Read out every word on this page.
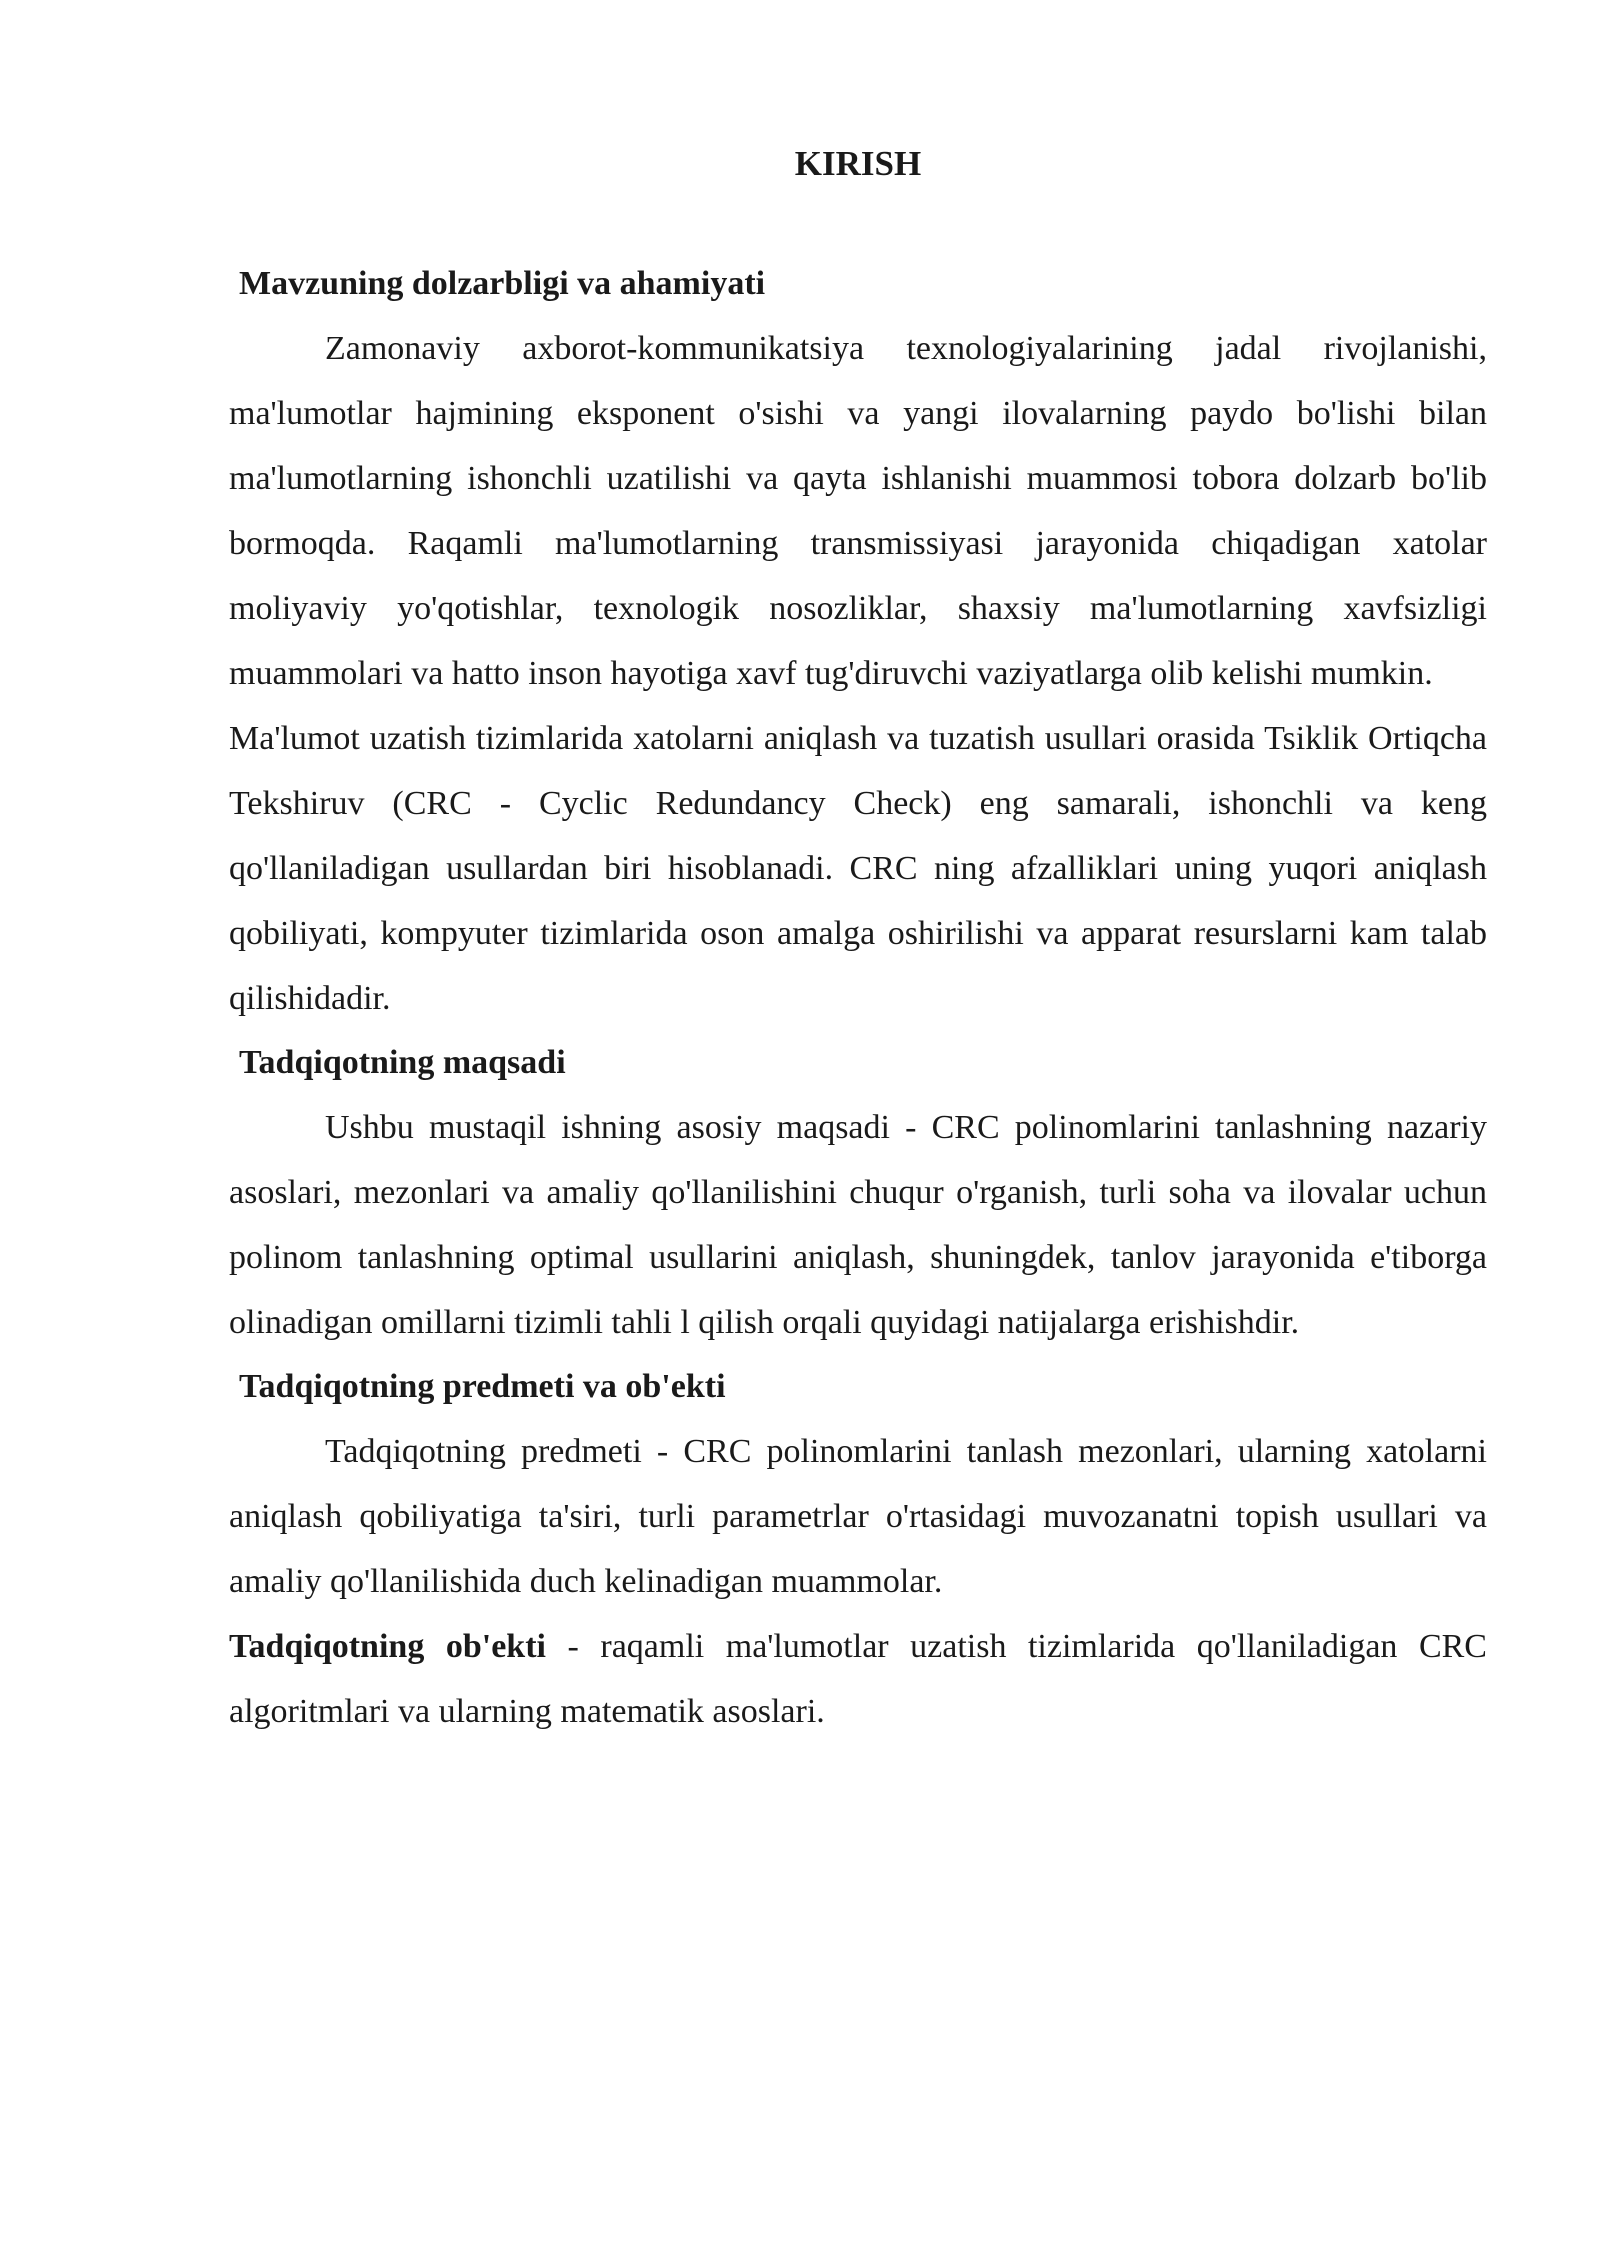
KIRISH
Mavzuning dolzarbligi va ahamiyati

Zamonaviy axborot-kommunikatsiya texnologiyalarining jadal rivojlanishi, ma'lumotlar hajmining eksponent o'sishi va yangi ilovalarning paydo bo'lishi bilan ma'lumotlarning ishonchli uzatilishi va qayta ishlanishi muammosi tobora dolzarb bo'lib bormoqda. Raqamli ma'lumotlarning transmissiyasi jarayonida chiqadigan xatolar moliyaviy yo'qotishlar, texnologik nosozliklar, shaxsiy ma'lumotlarning xavfsizligi muammolari va hatto inson hayotiga xavf tug'diruvchi vaziyatlarga olib kelishi mumkin.

Ma'lumot uzatish tizimlarida xatolarni aniqlash va tuzatish usullari orasida Tsiklik Ortiqcha Tekshiruv (CRC - Cyclic Redundancy Check) eng samarali, ishonchli va keng qo'llaniladigan usullardan biri hisoblanadi. CRC ning afzalliklari uning yuqori aniqlash qobiliyati, kompyuter tizimlarida oson amalga oshirilishi va apparat resurslarni kam talab qilishidadir.

Tadqiqotning maqsadi

Ushbu mustaqil ishning asosiy maqsadi - CRC polinomlarini tanlashning nazariy asoslari, mezonlari va amaliy qo'llanilishini chuqur o'rganish, turli soha va ilovalar uchun polinom tanlashning optimal usullarini aniqlash, shuningdek, tanlov jarayonida e'tiborga olinadigan omillarni tizimli tahli l qilish orqali quyidagi natijalarga erishishdir.

Tadqiqotning predmeti va ob'ekti

Tadqiqotning predmeti - CRC polinomlarini tanlash mezonlari, ularning xatolarni aniqlash qobiliyatiga ta'siri, turli parametrlar o'rtasidagi muvozanatni topish usullari va amaliy qo'llanilishida duch kelinadigan muammolar.

Tadqiqotning ob'ekti - raqamli ma'lumotlar uzatish tizimlarida qo'llaniladigan CRC algoritmlari va ularning matematik asoslari.
